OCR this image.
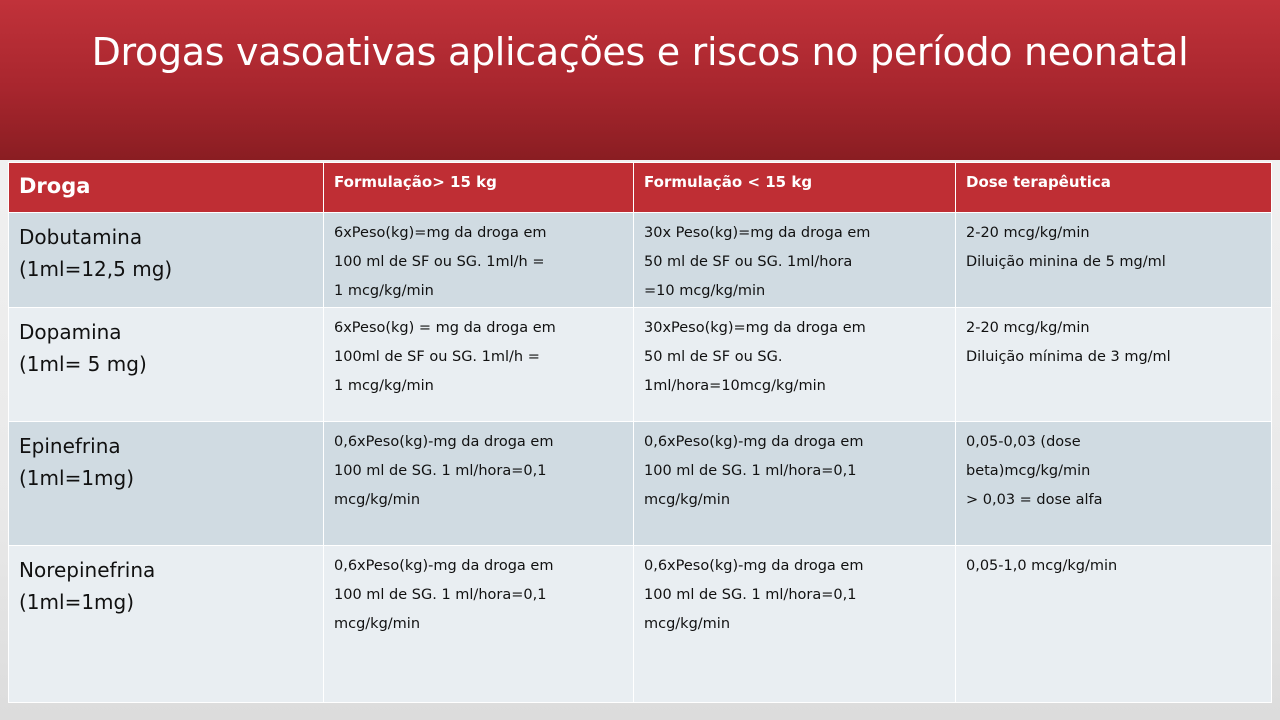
Drogas vasoativas aplicações e riscos no período neonatal
Droga	Formulação> 15 kg	Formulação < 15 kg	Dose terapêutica

Dobutamina
(1ml=12,5 mg)	6xPeso(kg)=mg da droga em
100 ml de SF ou SG. 1ml/h =
1 mcg/kg/min	30x Peso(kg)=mg da droga em
50 ml de SF ou SG. 1ml/hora
=10 mcg/kg/min	2-20 mcg/kg/min
Diluição minina de 5 mg/ml

Dopamina
(1ml= 5 mg)	6xPeso(kg) = mg da droga em
100ml de SF ou SG. 1ml/h =
1 mcg/kg/min	30xPeso(kg)=mg da droga em
50 ml de SF ou SG.
1ml/hora=10mcg/kg/min	2-20 mcg/kg/min
Diluição mínima de 3 mg/ml

Epinefrina
(1ml=1mg)	0,6xPeso(kg)-mg da droga em
100 ml de SG. 1 ml/hora=0,1
mcg/kg/min	0,6xPeso(kg)-mg da droga em
100 ml de SG. 1 ml/hora=0,1
mcg/kg/min	0,05-0,03 (dose
beta)mcg/kg/min
> 0,03 = dose alfa

Norepinefrina
(1ml=1mg)	0,6xPeso(kg)-mg da droga em
100 ml de SG. 1 ml/hora=0,1
mcg/kg/min	0,6xPeso(kg)-mg da droga em
100 ml de SG. 1 ml/hora=0,1
mcg/kg/min	0,05-1,0 mcg/kg/min
